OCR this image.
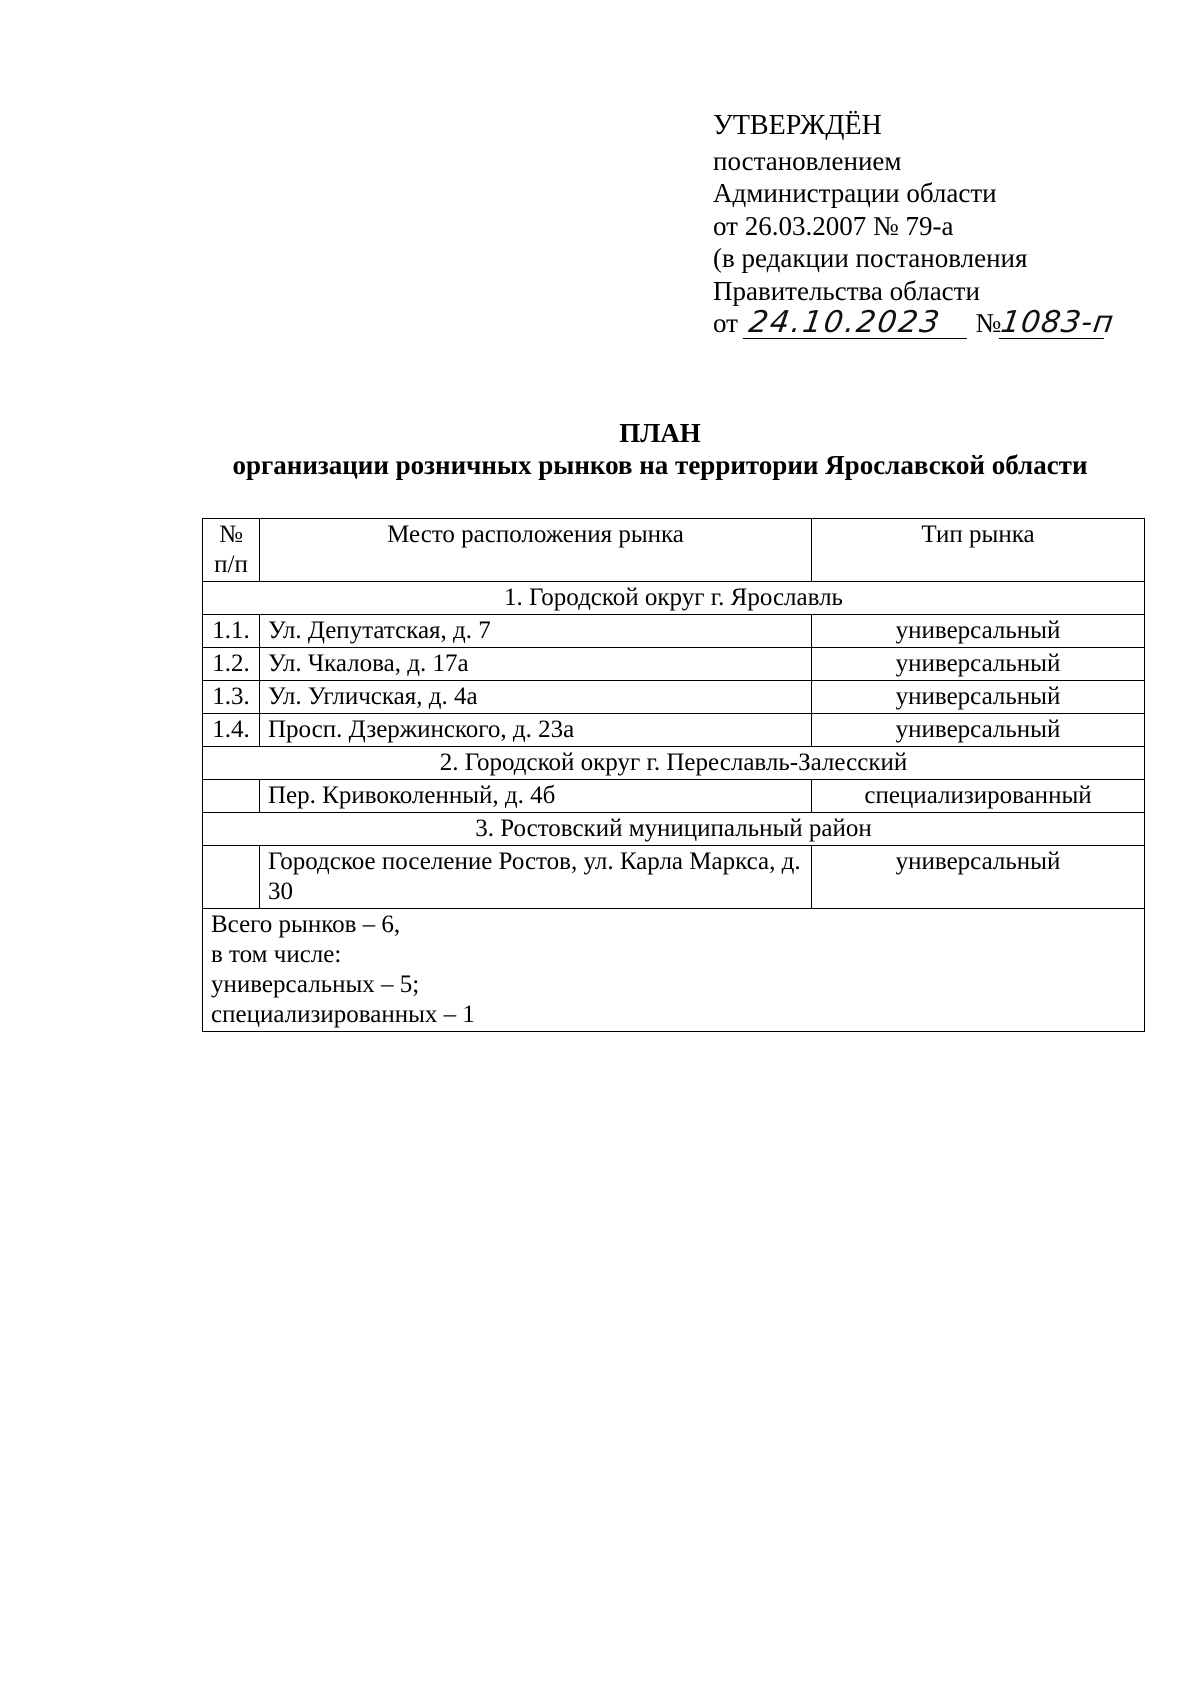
УТВЕРЖДЁН
постановлением
Администрации области
от 26.03.2007 № 79-а
(в редакции постановления
Правительства области
от 24.10.2023 №1083-п
ПЛАН
организации розничных рынков на территории Ярославской области
№ п/п	Место расположения рынка	Тип рынка
1. Городской округ г. Ярославль		
1.1.	Ул. Депутатская, д. 7	универсальный
1.2.	Ул. Чкалова, д. 17а	универсальный
1.3.	Ул. Угличская, д. 4а	универсальный
1.4.	Просп. Дзержинского, д. 23а	универсальный
2. Городской округ г. Переславль-Залесский		
	Пер. Кривоколенный, д. 4б	специализированный
3. Ростовский муниципальный район		
	Городское поселение Ростов, ул. Карла Маркса, д. 30	универсальный

Всего рынков – 6,
в том числе:
универсальных – 5;
специализированных – 1		
